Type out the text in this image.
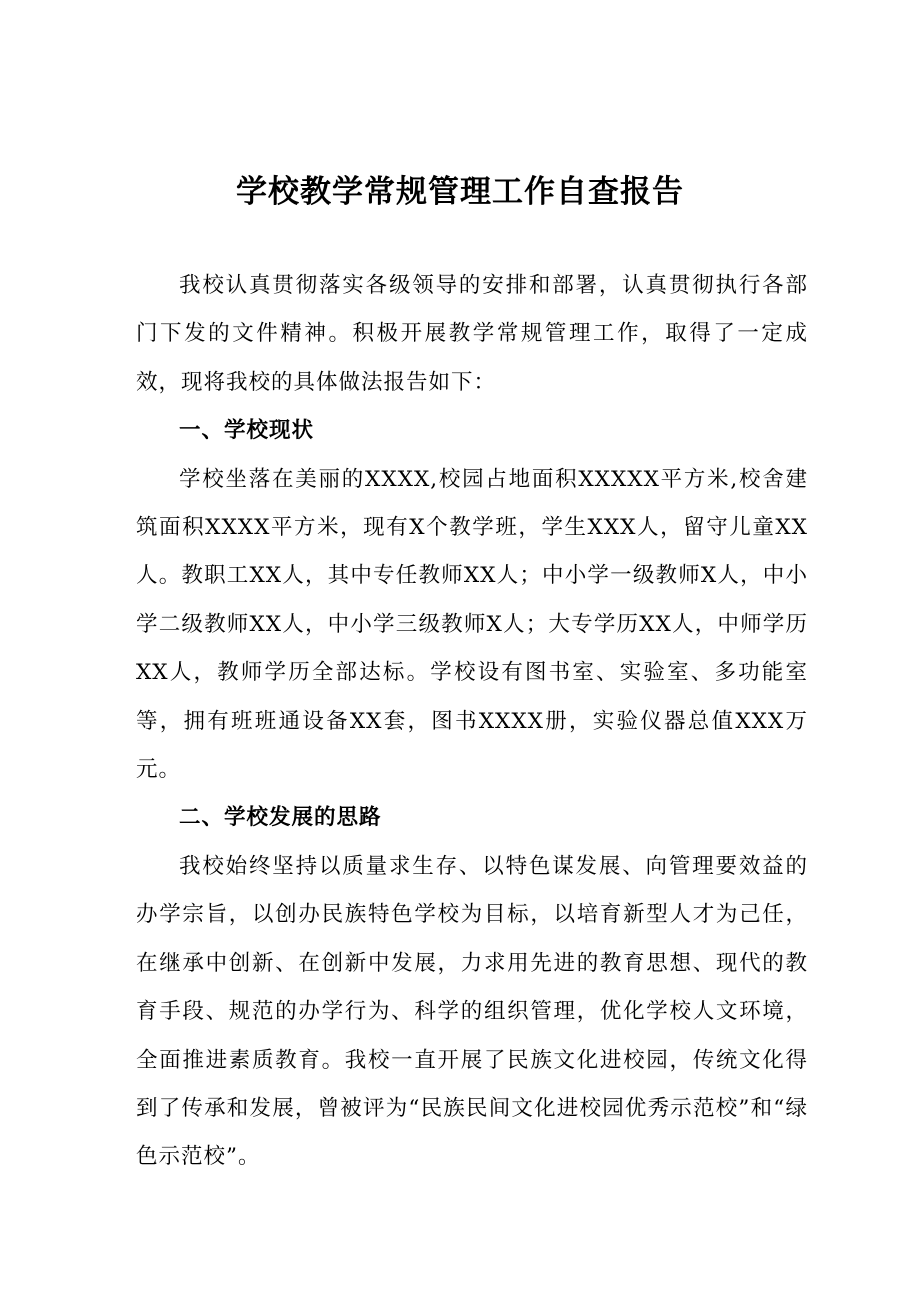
学校教学常规管理工作自查报告

我校认真贯彻落实各级领导的安排和部署，认真贯彻执行各部门下发的文件精神。积极开展教学常规管理工作，取得了一定成效，现将我校的具体做法报告如下：

一、学校现状

学校坐落在美丽的XXXX,校园占地面积XXXXX平方米,校舍建筑面积XXXX平方米，现有X个教学班，学生XXX人，留守儿童XX人。教职工XX人，其中专任教师XX人；中小学一级教师X人，中小学二级教师XX人，中小学三级教师X人；大专学历XX人，中师学历XX人，教师学历全部达标。学校设有图书室、实验室、多功能室等，拥有班班通设备XX套，图书XXXX册，实验仪器总值XXX万元。

二、学校发展的思路

我校始终坚持以质量求生存、以特色谋发展、向管理要效益的办学宗旨，以创办民族特色学校为目标，以培育新型人才为己任，在继承中创新、在创新中发展，力求用先进的教育思想、现代的教育手段、规范的办学行为、科学的组织管理，优化学校人文环境，全面推进素质教育。我校一直开展了民族文化进校园，传统文化得到了传承和发展，曾被评为“民族民间文化进校园优秀示范校”和“绿色示范校”。
